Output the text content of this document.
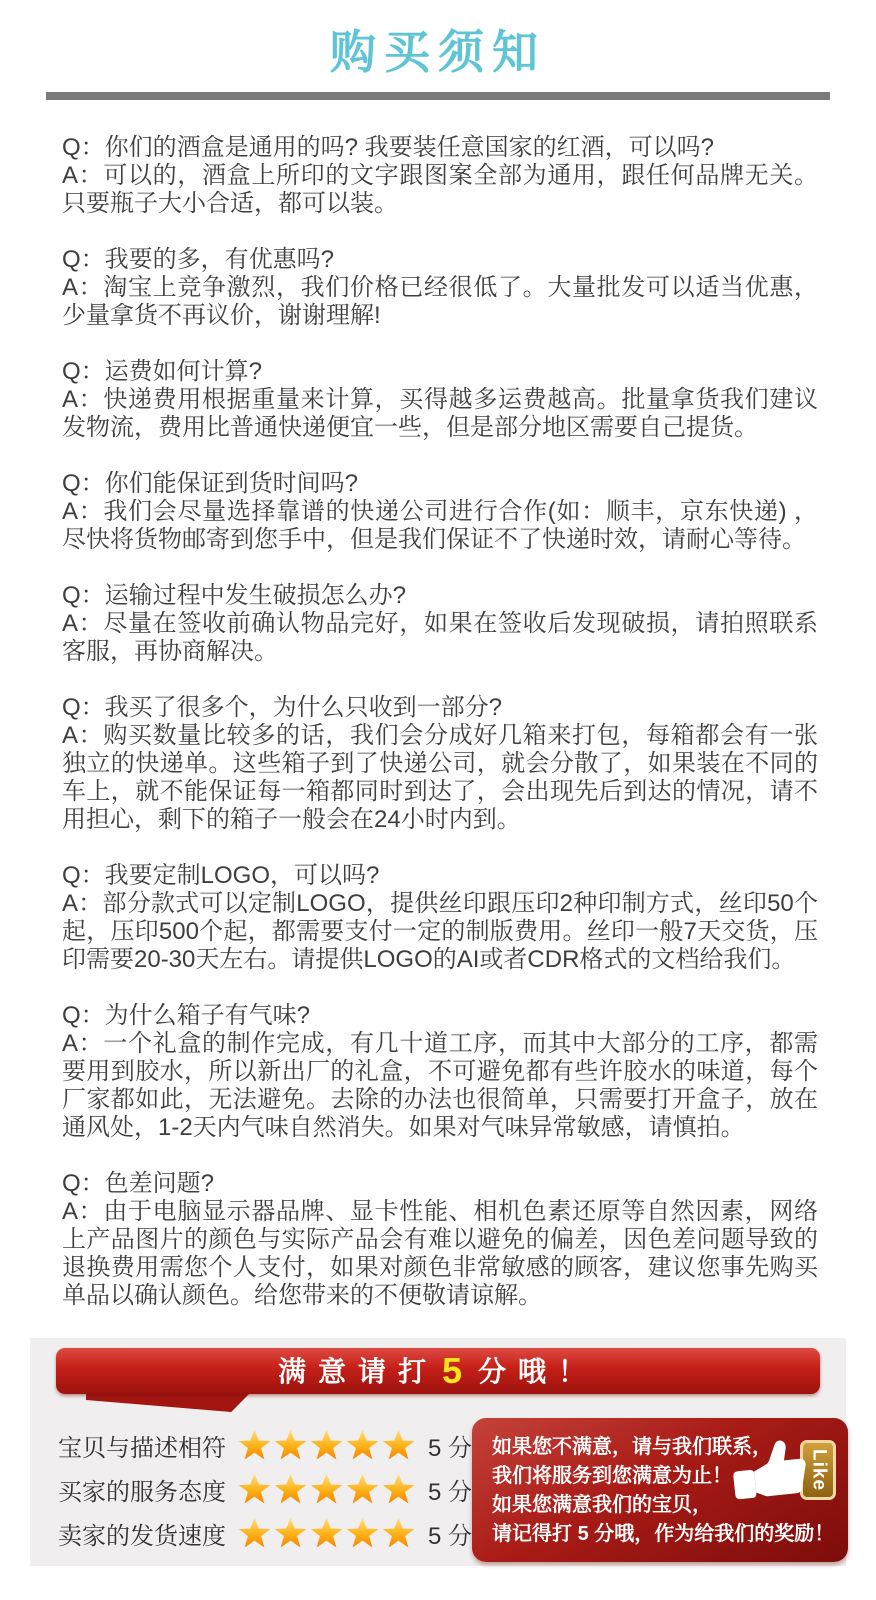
购买须知

Q：你们的酒盒是通用的吗? 我要装任意国家的红酒，可以吗?

A：可以的，酒盒上所印的文字跟图案全部为通用，跟任何品牌无关。只要瓶子大小合适，都可以装。

Q：我要的多，有优惠吗?

A：淘宝上竞争激烈，我们价格已经很低了。大量批发可以适当优惠，少量拿货不再议价，谢谢理解!

Q：运费如何计算?

A：快递费用根据重量来计算，买得越多运费越高。批量拿货我们建议发物流，费用比普通快递便宜一些，但是部分地区需要自己提货。

Q：你们能保证到货时间吗?

A：我们会尽量选择靠谱的快递公司进行合作(如：顺丰，京东快递) ，尽快将货物邮寄到您手中，但是我们保证不了快递时效，请耐心等待。

Q：运输过程中发生破损怎么办?

A：尽量在签收前确认物品完好，如果在签收后发现破损，请拍照联系客服，再协商解决。

Q：我买了很多个，为什么只收到一部分?

A：购买数量比较多的话，我们会分成好几箱来打包，每箱都会有一张独立的快递单。这些箱子到了快递公司，就会分散了，如果装在不同的车上，就不能保证每一箱都同时到达了，会出现先后到达的情况，请不用担心，剩下的箱子一般会在24小时内到。

Q：我要定制LOGO，可以吗?

A：部分款式可以定制LOGO，提供丝印跟压印2种印制方式，丝印50个起，压印500个起，都需要支付一定的制版费用。丝印一般7天交货，压印需要20-30天左右。请提供LOGO的AI或者CDR格式的文档给我们。

Q：为什么箱子有气味?

A：一个礼盒的制作完成，有几十道工序，而其中大部分的工序，都需要用到胶水，所以新出厂的礼盒，不可避免都有些许胶水的味道，每个厂家都如此，无法避免。去除的办法也很简单，只需要打开盒子，放在通风处，1-2天内气味自然消失。如果对气味异常敏感，请慎拍。

Q：色差问题?

A：由于电脑显示器品牌、显卡性能、相机色素还原等自然因素，网络上产品图片的颜色与实际产品会有难以避免的偏差，因色差问题导致的退换费用需您个人支付，如果对颜色非常敏感的顾客，建议您事先购买单品以确认颜色。给您带来的不便敬请谅解。

满意请打 5 分哦！
宝贝与描述相符	5 分
买家的服务态度	5 分
卖家的发货速度	5 分
如果您不满意，请与我们联系，
我们将服务到您满意为止！
如果您满意我们的宝贝，
请记得打 5 分哦，作为给我们的奖励！
Like
